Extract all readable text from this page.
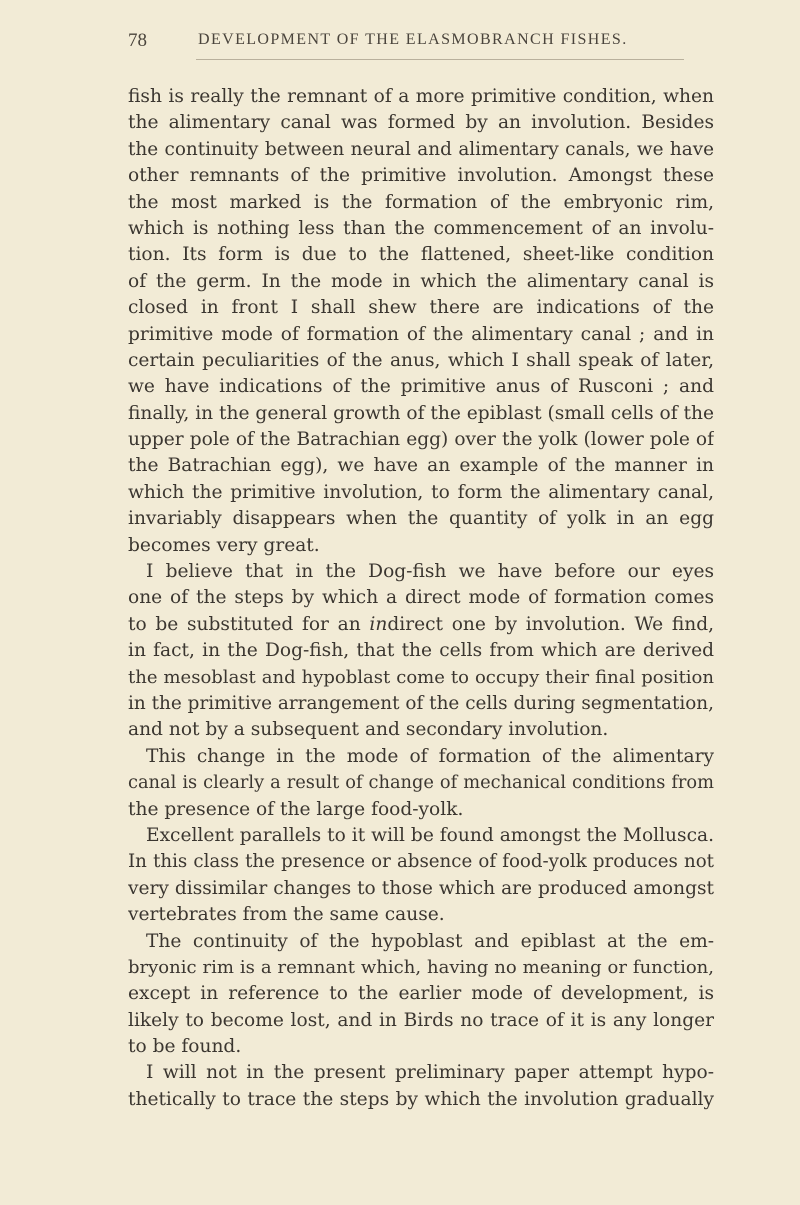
78	DEVELOPMENT OF THE ELASMOBRANCH FISHES.
fish is really the remnant of a more primitive condition, when
the alimentary canal was formed by an involution. Besides
the continuity between neural and alimentary canals, we have
other remnants of the primitive involution. Amongst these
the most marked is the formation of the embryonic rim,
which is nothing less than the commencement of an involu-
tion. Its form is due to the flattened, sheet-like condition
of the germ. In the mode in which the alimentary canal is
closed in front I shall shew there are indications of the
primitive mode of formation of the alimentary canal ; and in
certain peculiarities of the anus, which I shall speak of later,
we have indications of the primitive anus of Rusconi ; and
finally, in the general growth of the epiblast (small cells of the
upper pole of the Batrachian egg) over the yolk (lower pole of
the Batrachian egg), we have an example of the manner in
which the primitive involution, to form the alimentary canal,
invariably disappears when the quantity of yolk in an egg
becomes very great.
I believe that in the Dog-fish we have before our eyes
one of the steps by which a direct mode of formation comes
to be substituted for an indirect one by involution. We find,
in fact, in the Dog-fish, that the cells from which are derived
the mesoblast and hypoblast come to occupy their final position
in the primitive arrangement of the cells during segmentation,
and not by a subsequent and secondary involution.
This change in the mode of formation of the alimentary
canal is clearly a result of change of mechanical conditions from
the presence of the large food-yolk.
Excellent parallels to it will be found amongst the Mollusca.
In this class the presence or absence of food-yolk produces not
very dissimilar changes to those which are produced amongst
vertebrates from the same cause.
The continuity of the hypoblast and epiblast at the em-
bryonic rim is a remnant which, having no meaning or function,
except in reference to the earlier mode of development, is
likely to become lost, and in Birds no trace of it is any longer
to be found.
I will not in the present preliminary paper attempt hypo-
thetically to trace the steps by which the involution gradually
